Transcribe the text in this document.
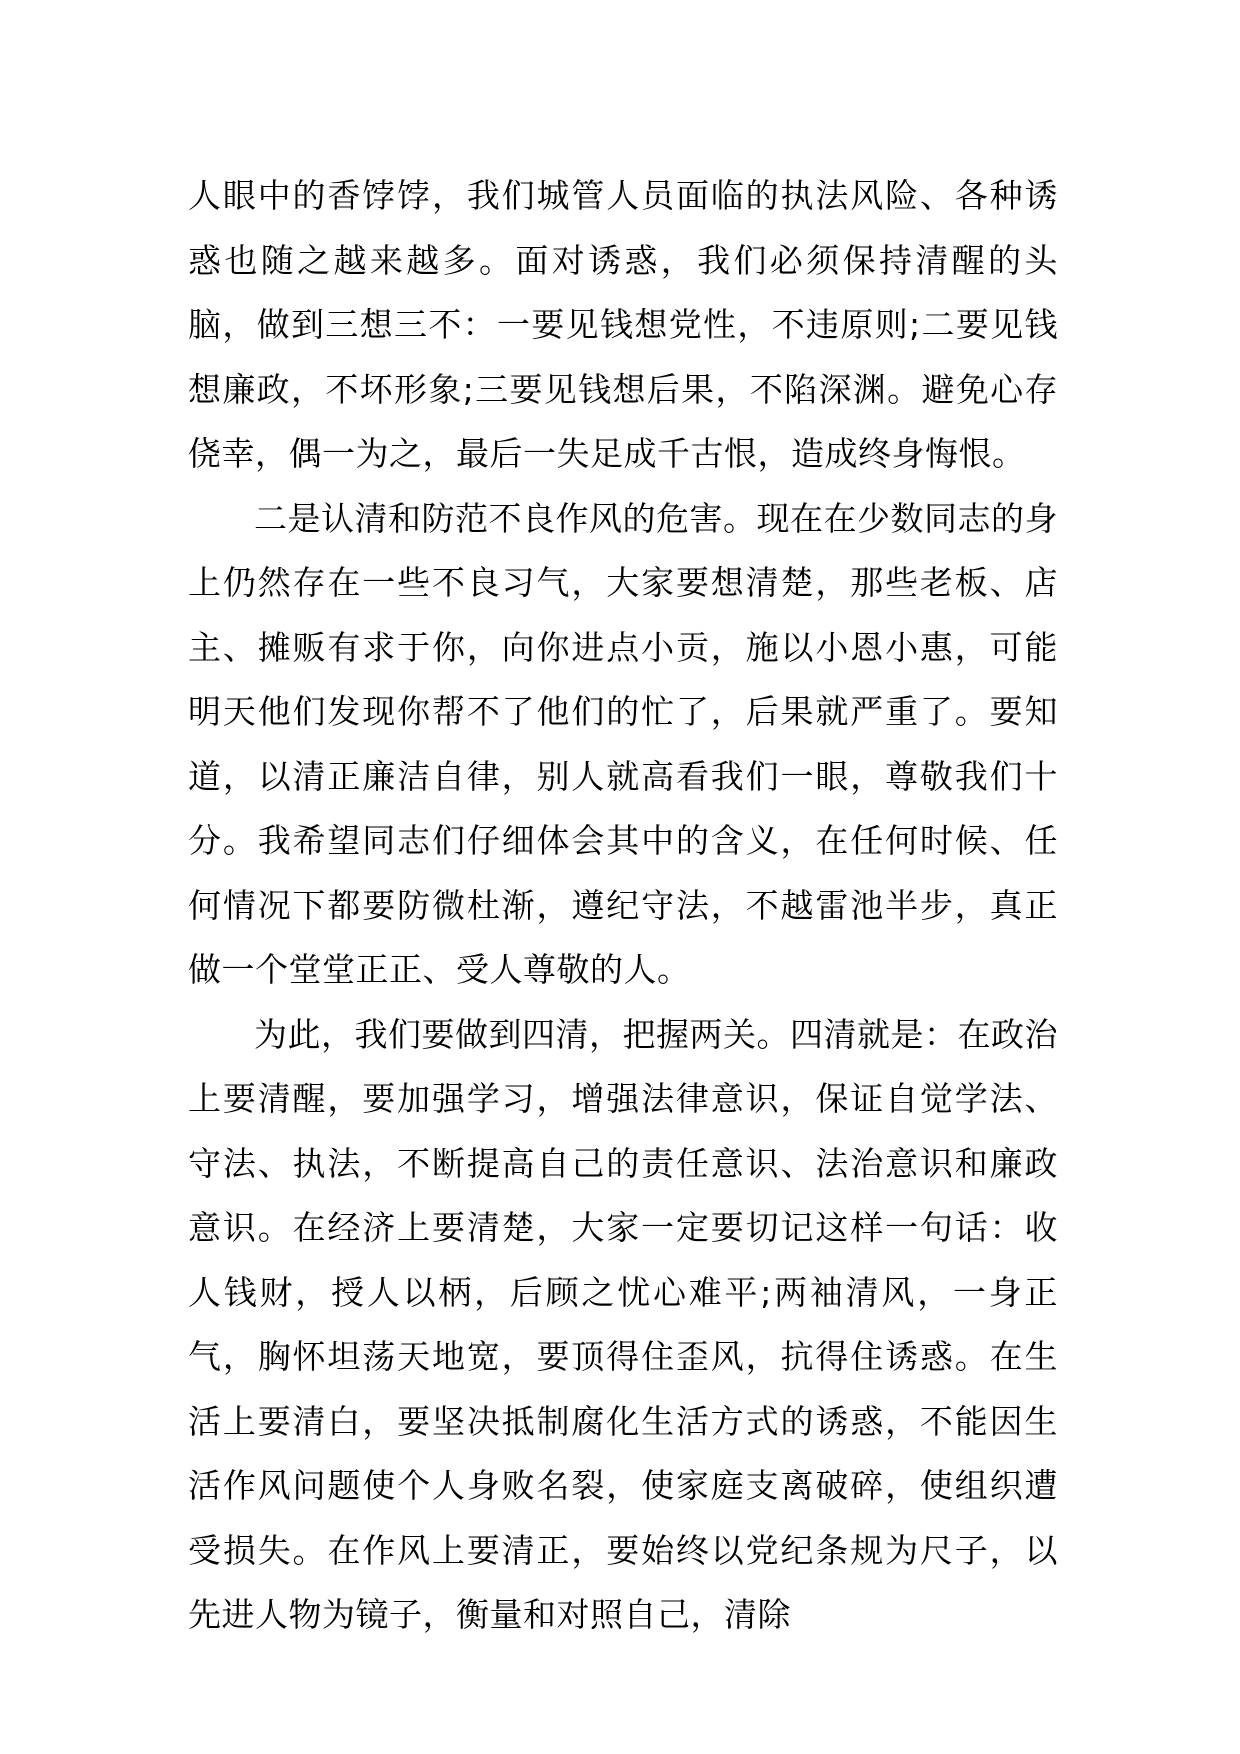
人眼中的香饽饽，我们城管人员面临的执法风险、各种诱惑也随之越来越多。面对诱惑，我们必须保持清醒的头脑，做到三想三不：一要见钱想党性，不违原则;二要见钱想廉政，不坏形象;三要见钱想后果，不陷深渊。避免心存侥幸，偶一为之，最后一失足成千古恨，造成终身悔恨。

二是认清和防范不良作风的危害。现在在少数同志的身上仍然存在一些不良习气，大家要想清楚，那些老板、店主、摊贩有求于你，向你进点小贡，施以小恩小惠，可能明天他们发现你帮不了他们的忙了，后果就严重了。要知道，以清正廉洁自律，别人就高看我们一眼，尊敬我们十分。我希望同志们仔细体会其中的含义，在任何时候、任何情况下都要防微杜渐，遵纪守法，不越雷池半步，真正做一个堂堂正正、受人尊敬的人。

为此，我们要做到四清，把握两关。四清就是：在政治上要清醒，要加强学习，增强法律意识，保证自觉学法、守法、执法，不断提高自己的责任意识、法治意识和廉政意识。在经济上要清楚，大家一定要切记这样一句话：收人钱财，授人以柄，后顾之忧心难平;两袖清风，一身正气，胸怀坦荡天地宽，要顶得住歪风，抗得住诱惑。在生活上要清白，要坚决抵制腐化生活方式的诱惑，不能因生活作风问题使个人身败名裂，使家庭支离破碎，使组织遭受损失。在作风上要清正，要始终以党纪条规为尺子，以先进人物为镜子，衡量和对照自己，清除
